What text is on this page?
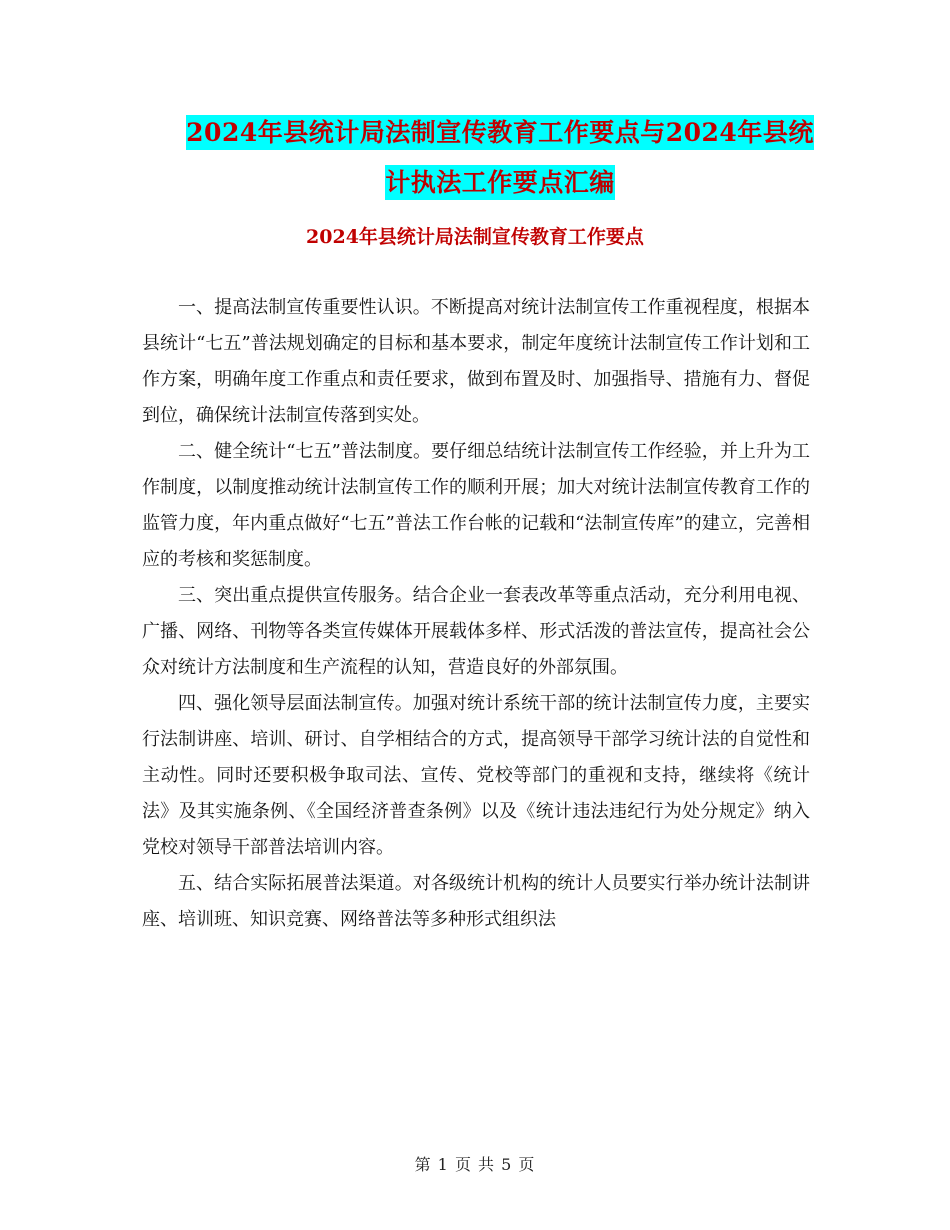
2024年县统计局法制宣传教育工作要点与2024年县统
计执法工作要点汇编
2024年县统计局法制宣传教育工作要点

一、提高法制宣传重要性认识。不断提高对统计法制宣传工作重视程度，根据本县统计“七五”普法规划确定的目标和基本要求，制定年度统计法制宣传工作计划和工作方案，明确年度工作重点和责任要求，做到布置及时、加强指导、措施有力、督促到位，确保统计法制宣传落到实处。

二、健全统计“七五”普法制度。要仔细总结统计法制宣传工作经验，并上升为工作制度，以制度推动统计法制宣传工作的顺利开展；加大对统计法制宣传教育工作的监管力度，年内重点做好“七五”普法工作台帐的记载和“法制宣传库”的建立，完善相应的考核和奖惩制度。

三、突出重点提供宣传服务。结合企业一套表改革等重点活动，充分利用电视、广播、网络、刊物等各类宣传媒体开展载体多样、形式活泼的普法宣传，提高社会公众对统计方法制度和生产流程的认知，营造良好的外部氛围。

四、强化领导层面法制宣传。加强对统计系统干部的统计法制宣传力度，主要实行法制讲座、培训、研讨、自学相结合的方式，提高领导干部学习统计法的自觉性和主动性。同时还要积极争取司法、宣传、党校等部门的重视和支持，继续将《统计法》及其实施条例、《全国经济普查条例》以及《统计违法违纪行为处分规定》纳入党校对领导干部普法培训内容。

五、结合实际拓展普法渠道。对各级统计机构的统计人员要实行举办统计法制讲座、培训班、知识竞赛、网络普法等多种形式组织法

第 1 页 共 5 页
